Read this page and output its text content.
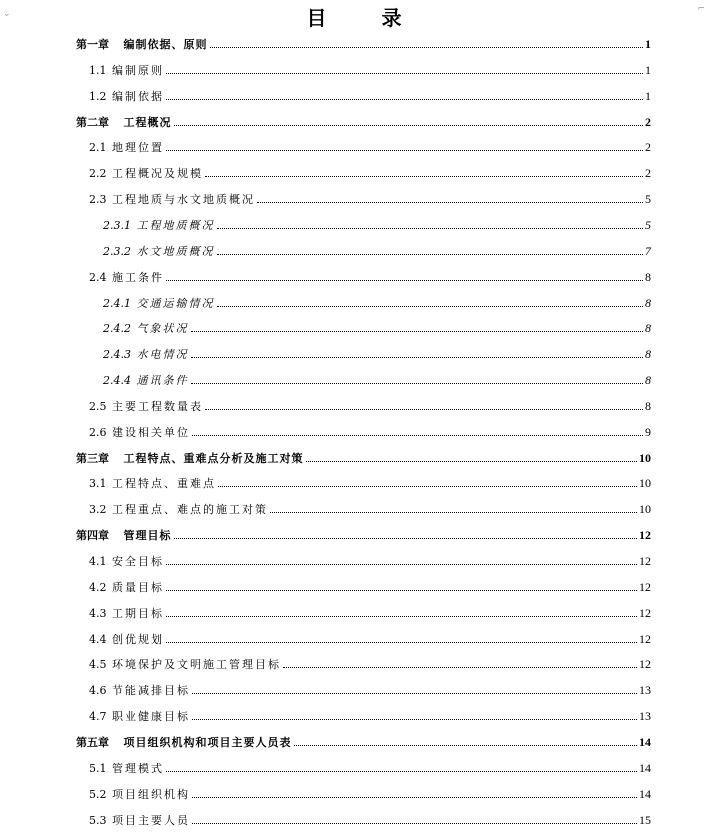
⌄	⌐
目 录
第一章 编制依据、原则	1
1.1 编制原则	1
1.2 编制依据	1
第二章 工程概况	2
2.1 地理位置	2
2.2 工程概况及规模	2
2.3 工程地质与水文地质概况	5
2.3.1 工程地质概况	5
2.3.2 水文地质概况	7
2.4 施工条件	8
2.4.1 交通运输情况	8
2.4.2 气象状况	8
2.4.3 水电情况	8
2.4.4 通讯条件	8
2.5 主要工程数量表	8
2.6 建设相关单位	9
第三章 工程特点、重难点分析及施工对策	10
3.1 工程特点、重难点	10
3.2 工程重点、难点的施工对策	10
第四章 管理目标	12
4.1 安全目标	12
4.2 质量目标	12
4.3 工期目标	12
4.4 创优规划	12
4.5 环境保护及文明施工管理目标	12
4.6 节能减排目标	13
4.7 职业健康目标	13
第五章 项目组织机构和项目主要人员表	14
5.1 管理模式	14
5.2 项目组织机构	14
5.3 项目主要人员	15
